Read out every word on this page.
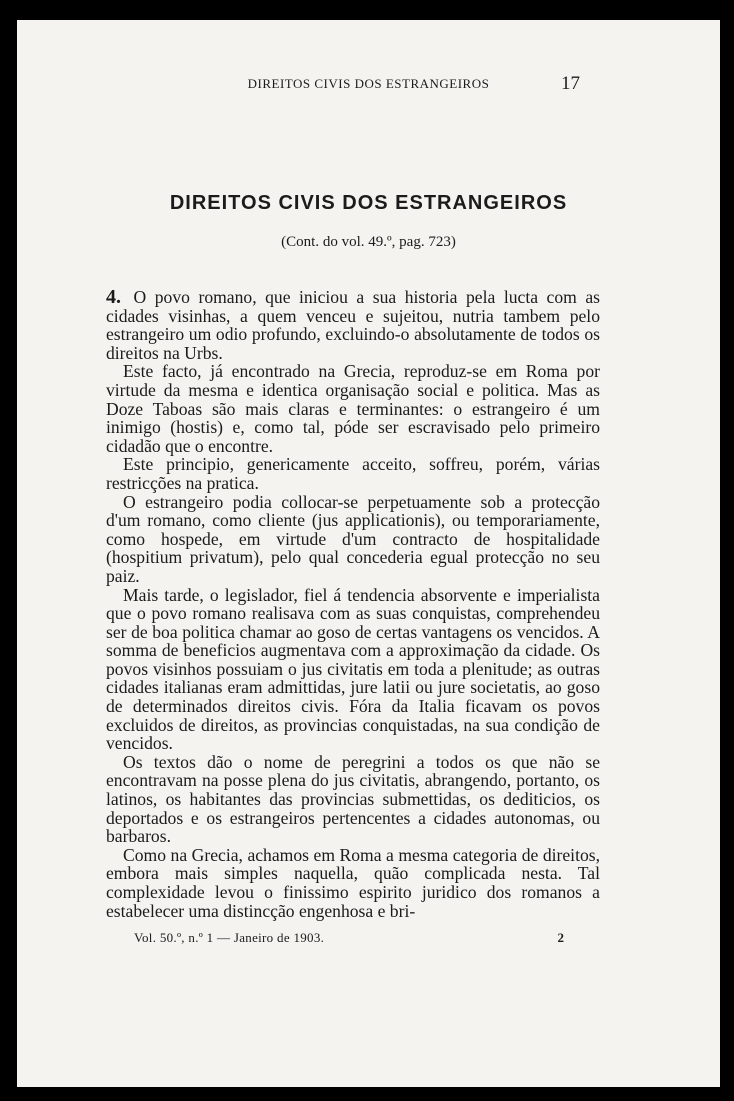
DIREITOS CIVIS DOS ESTRANGEIROS	17
DIREITOS CIVIS DOS ESTRANGEIROS
(Cont. do vol. 49.º, pag. 723)

4. O povo romano, que iniciou a sua historia pela lucta com as cidades visinhas, a quem venceu e sujeitou, nutria tambem pelo estrangeiro um odio profundo, excluindo-o absolutamente de todos os direitos na Urbs.

Este facto, já encontrado na Grecia, reproduz-se em Roma por virtude da mesma e identica organisação social e politica. Mas as Doze Taboas são mais claras e terminantes: o estrangeiro é um inimigo (hostis) e, como tal, póde ser escravisado pelo primeiro cidadão que o encontre.

Este principio, genericamente acceito, soffreu, porém, várias restricções na pratica.

O estrangeiro podia collocar-se perpetuamente sob a protecção d'um romano, como cliente (jus applicationis), ou temporariamente, como hospede, em virtude d'um contracto de hospitalidade (hospitium privatum), pelo qual concederia egual protecção no seu paiz.

Mais tarde, o legislador, fiel á tendencia absorvente e imperialista que o povo romano realisava com as suas conquistas, comprehendeu ser de boa politica chamar ao goso de certas vantagens os vencidos. A somma de beneficios augmentava com a approximação da cidade. Os povos visinhos possuiam o jus civitatis em toda a plenitude; as outras cidades italianas eram admittidas, jure latii ou jure societatis, ao goso de determinados direitos civis. Fóra da Italia ficavam os povos excluidos de direitos, as provincias conquistadas, na sua condição de vencidos.

Os textos dão o nome de peregrini a todos os que não se encontravam na posse plena do jus civitatis, abrangendo, portanto, os latinos, os habitantes das provincias submettidas, os dediticios, os deportados e os estrangeiros pertencentes a cidades autonomas, ou barbaros.

Como na Grecia, achamos em Roma a mesma categoria de direitos, embora mais simples naquella, quão complicada nesta. Tal complexidade levou o finissimo espirito juridico dos romanos a estabelecer uma distincção engenhosa e bri-

Vol. 50.º, n.º 1 — Janeiro de 1903.	2
